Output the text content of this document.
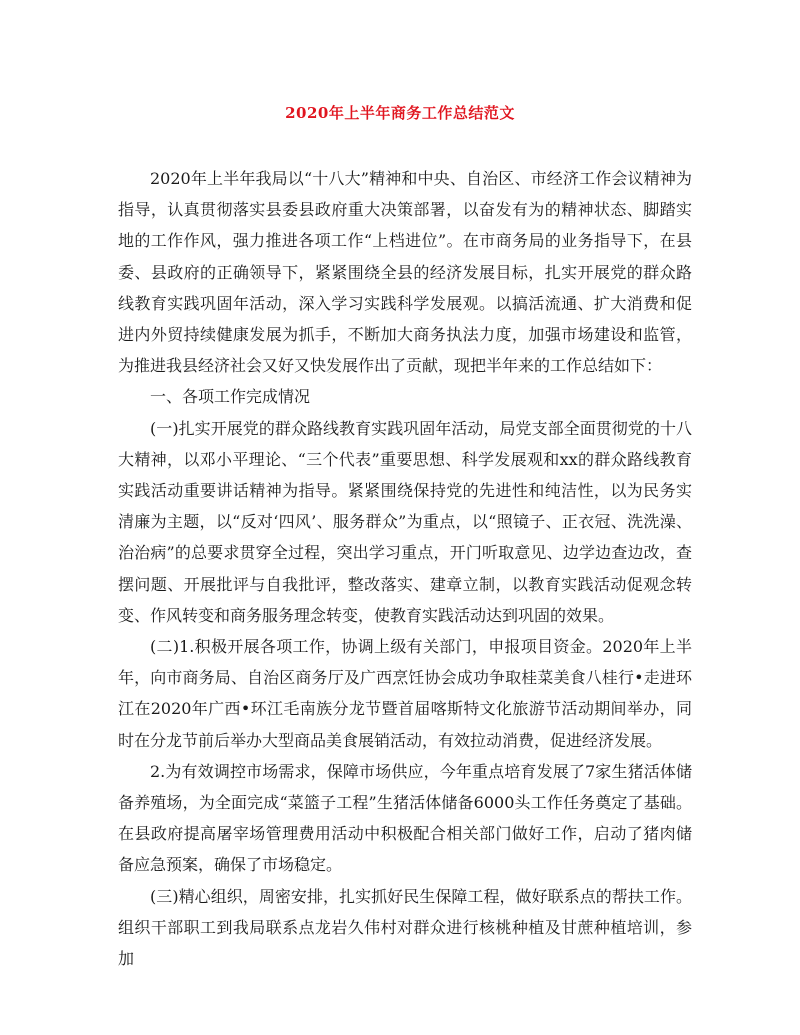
2020年上半年商务工作总结范文

2020年上半年我局以“十八大”精神和中央、自治区、市经济工作会议精神为指导，认真贯彻落实县委县政府重大决策部署，以奋发有为的精神状态、脚踏实地的工作作风，强力推进各项工作“上档进位”。在市商务局的业务指导下，在县委、县政府的正确领导下，紧紧围绕全县的经济发展目标，扎实开展党的群众路线教育实践巩固年活动，深入学习实践科学发展观。以搞活流通、扩大消费和促进内外贸持续健康发展为抓手，不断加大商务执法力度，加强市场建设和监管，为推进我县经济社会又好又快发展作出了贡献，现把半年来的工作总结如下：

一、各项工作完成情况

(一)扎实开展党的群众路线教育实践巩固年活动，局党支部全面贯彻党的十八大精神，以邓小平理论、“三个代表”重要思想、科学发展观和xx的群众路线教育实践活动重要讲话精神为指导。紧紧围绕保持党的先进性和纯洁性，以为民务实清廉为主题，以“反对‘四风’、服务群众”为重点，以“照镜子、正衣冠、洗洗澡、治治病”的总要求贯穿全过程，突出学习重点，开门听取意见、边学边查边改，查摆问题、开展批评与自我批评，整改落实、建章立制，以教育实践活动促观念转变、作风转变和商务服务理念转变，使教育实践活动达到巩固的效果。

(二)1.积极开展各项工作，协调上级有关部门，申报项目资金。2020年上半年，向市商务局、自治区商务厅及广西烹饪协会成功争取桂菜美食八桂行•走进环江在2020年广西•环江毛南族分龙节暨首届喀斯特文化旅游节活动期间举办，同时在分龙节前后举办大型商品美食展销活动，有效拉动消费，促进经济发展。

2.为有效调控市场需求，保障市场供应，今年重点培育发展了7家生猪活体储备养殖场，为全面完成“菜篮子工程”生猪活体储备6000头工作任务奠定了基础。在县政府提高屠宰场管理费用活动中积极配合相关部门做好工作，启动了猪肉储备应急预案，确保了市场稳定。

(三)精心组织，周密安排，扎实抓好民生保障工程，做好联系点的帮扶工作。组织干部职工到我局联系点龙岩久伟村对群众进行核桃种植及甘蔗种植培训，参加
